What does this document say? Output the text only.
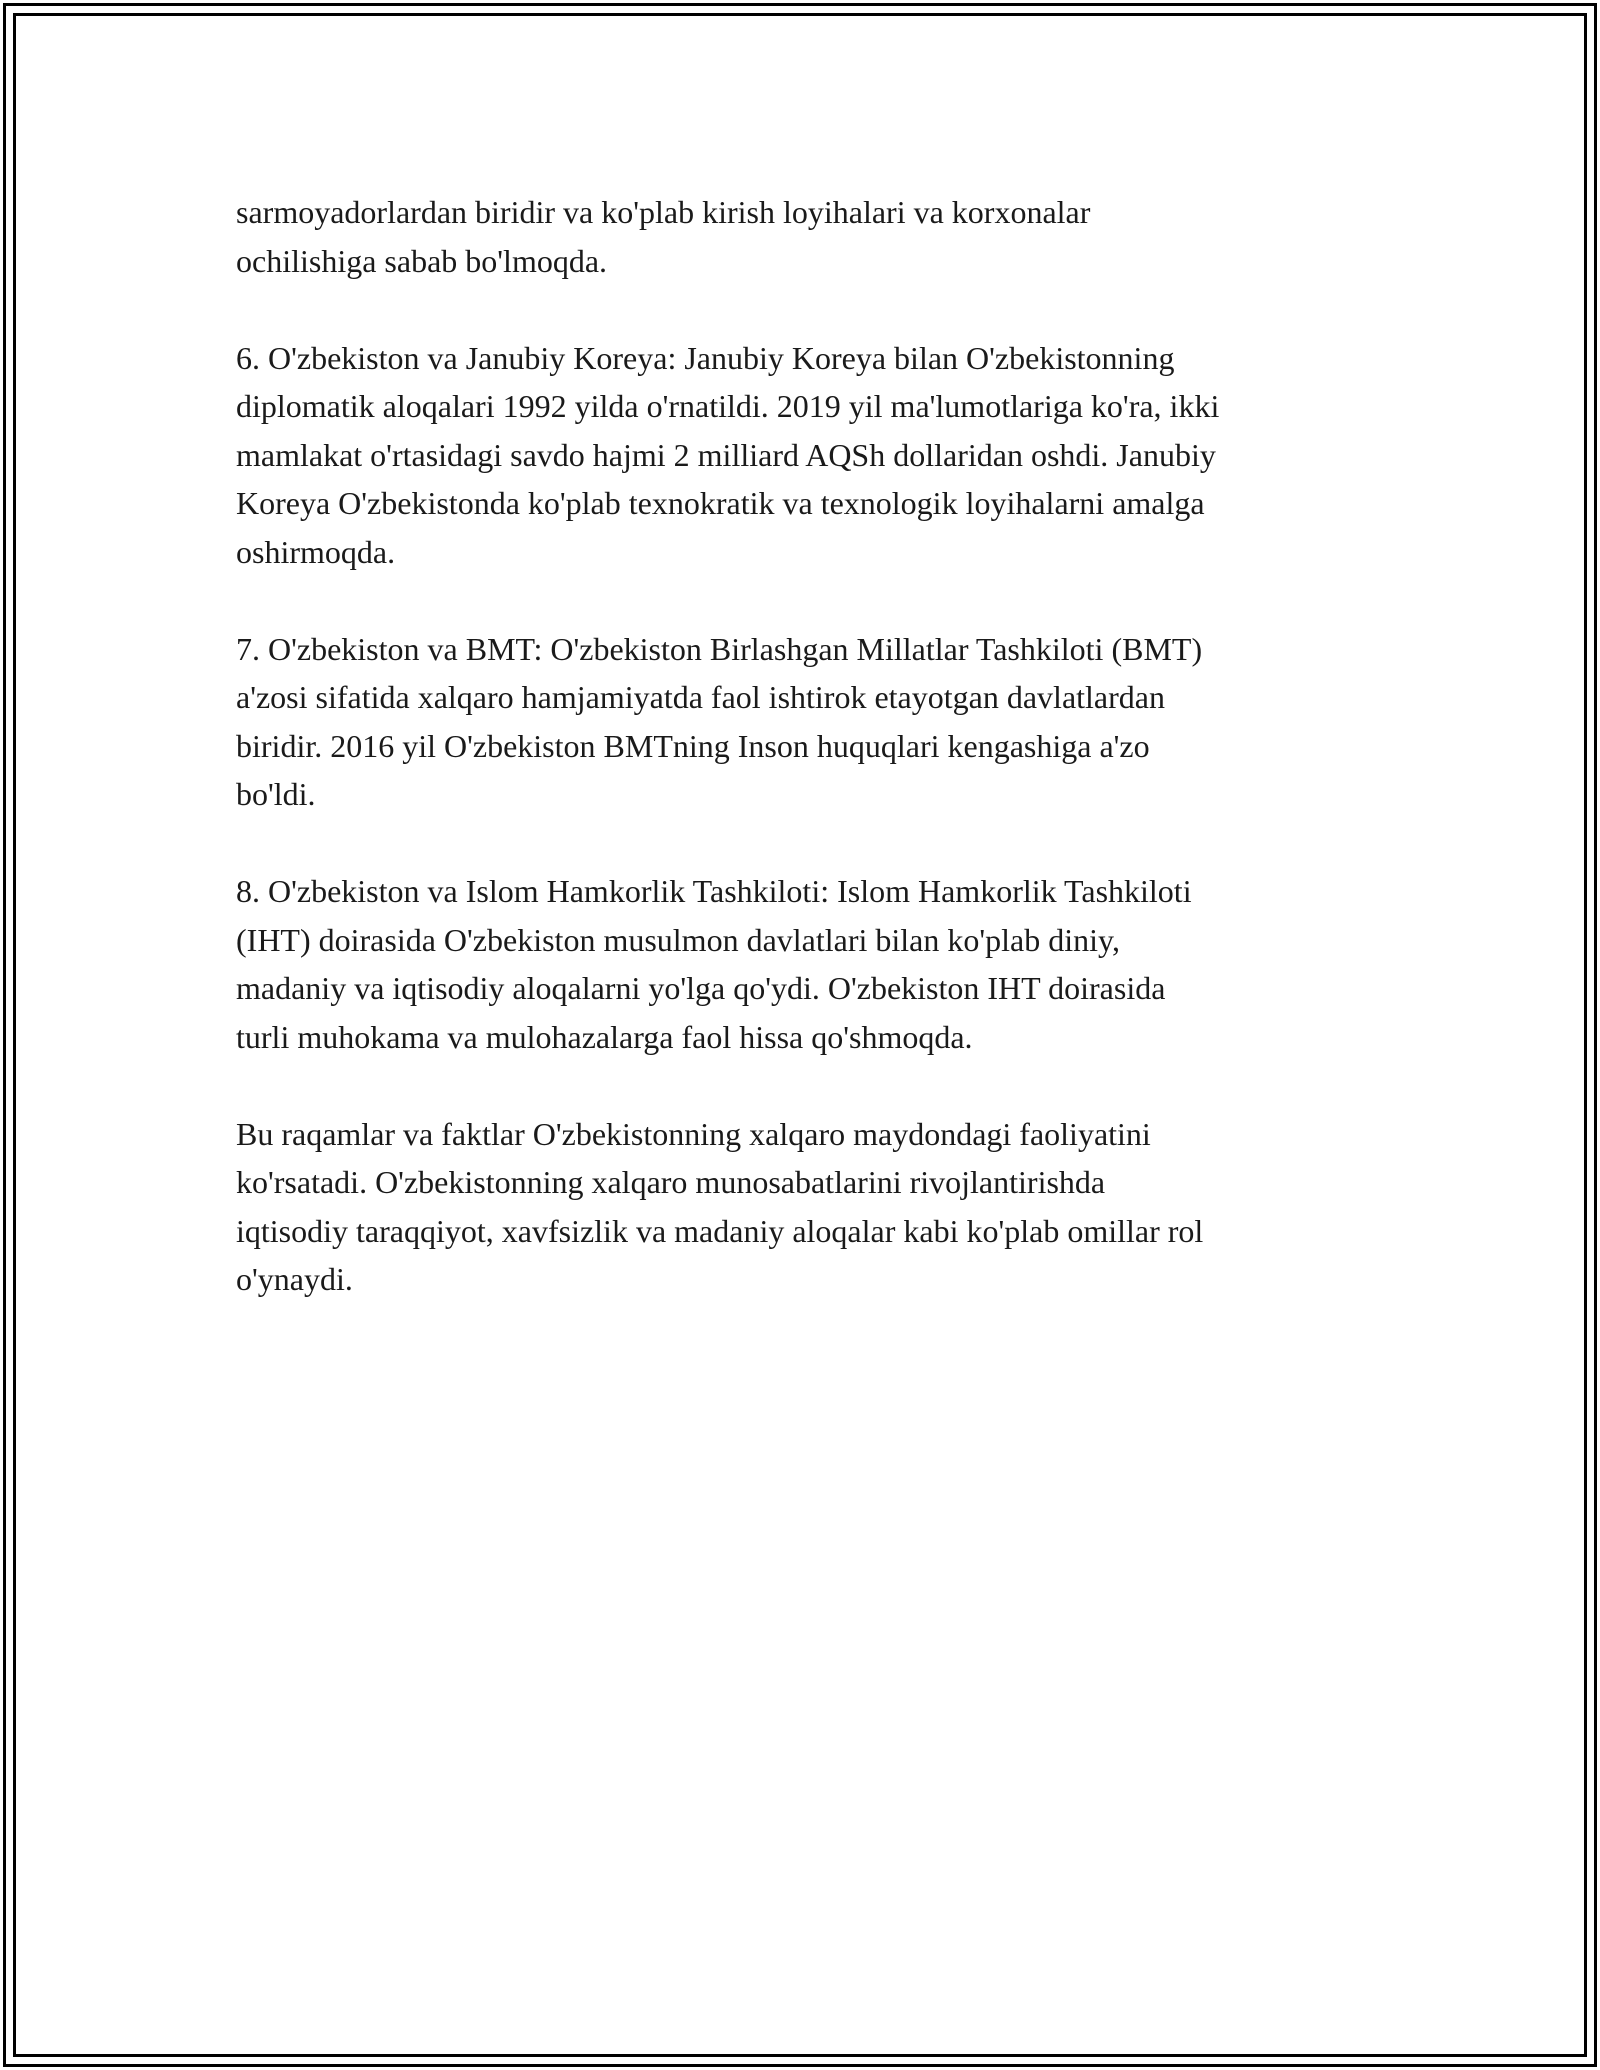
sarmoyadorlardan biridir va ko'plab kirish loyihalari va korxonalar
ochilishiga sabab bo'lmoqda.

6. O'zbekiston va Janubiy Koreya: Janubiy Koreya bilan O'zbekistonning
diplomatik aloqalari 1992 yilda o'rnatildi. 2019 yil ma'lumotlariga ko'ra, ikki
mamlakat o'rtasidagi savdo hajmi 2 milliard AQSh dollaridan oshdi. Janubiy
Koreya O'zbekistonda ko'plab texnokratik va texnologik loyihalarni amalga
oshirmoqda.

7. O'zbekiston va BMT: O'zbekiston Birlashgan Millatlar Tashkiloti (BMT)
a'zosi sifatida xalqaro hamjamiyatda faol ishtirok etayotgan davlatlardan
biridir. 2016 yil O'zbekiston BMTning Inson huquqlari kengashiga a'zo
bo'ldi.

8. O'zbekiston va Islom Hamkorlik Tashkiloti: Islom Hamkorlik Tashkiloti
(IHT) doirasida O'zbekiston musulmon davlatlari bilan ko'plab diniy,
madaniy va iqtisodiy aloqalarni yo'lga qo'ydi. O'zbekiston IHT doirasida
turli muhokama va mulohazalarga faol hissa qo'shmoqda.

Bu raqamlar va faktlar O'zbekistonning xalqaro maydondagi faoliyatini
ko'rsatadi. O'zbekistonning xalqaro munosabatlarini rivojlantirishda
iqtisodiy taraqqiyot, xavfsizlik va madaniy aloqalar kabi ko'plab omillar rol
o'ynaydi.
